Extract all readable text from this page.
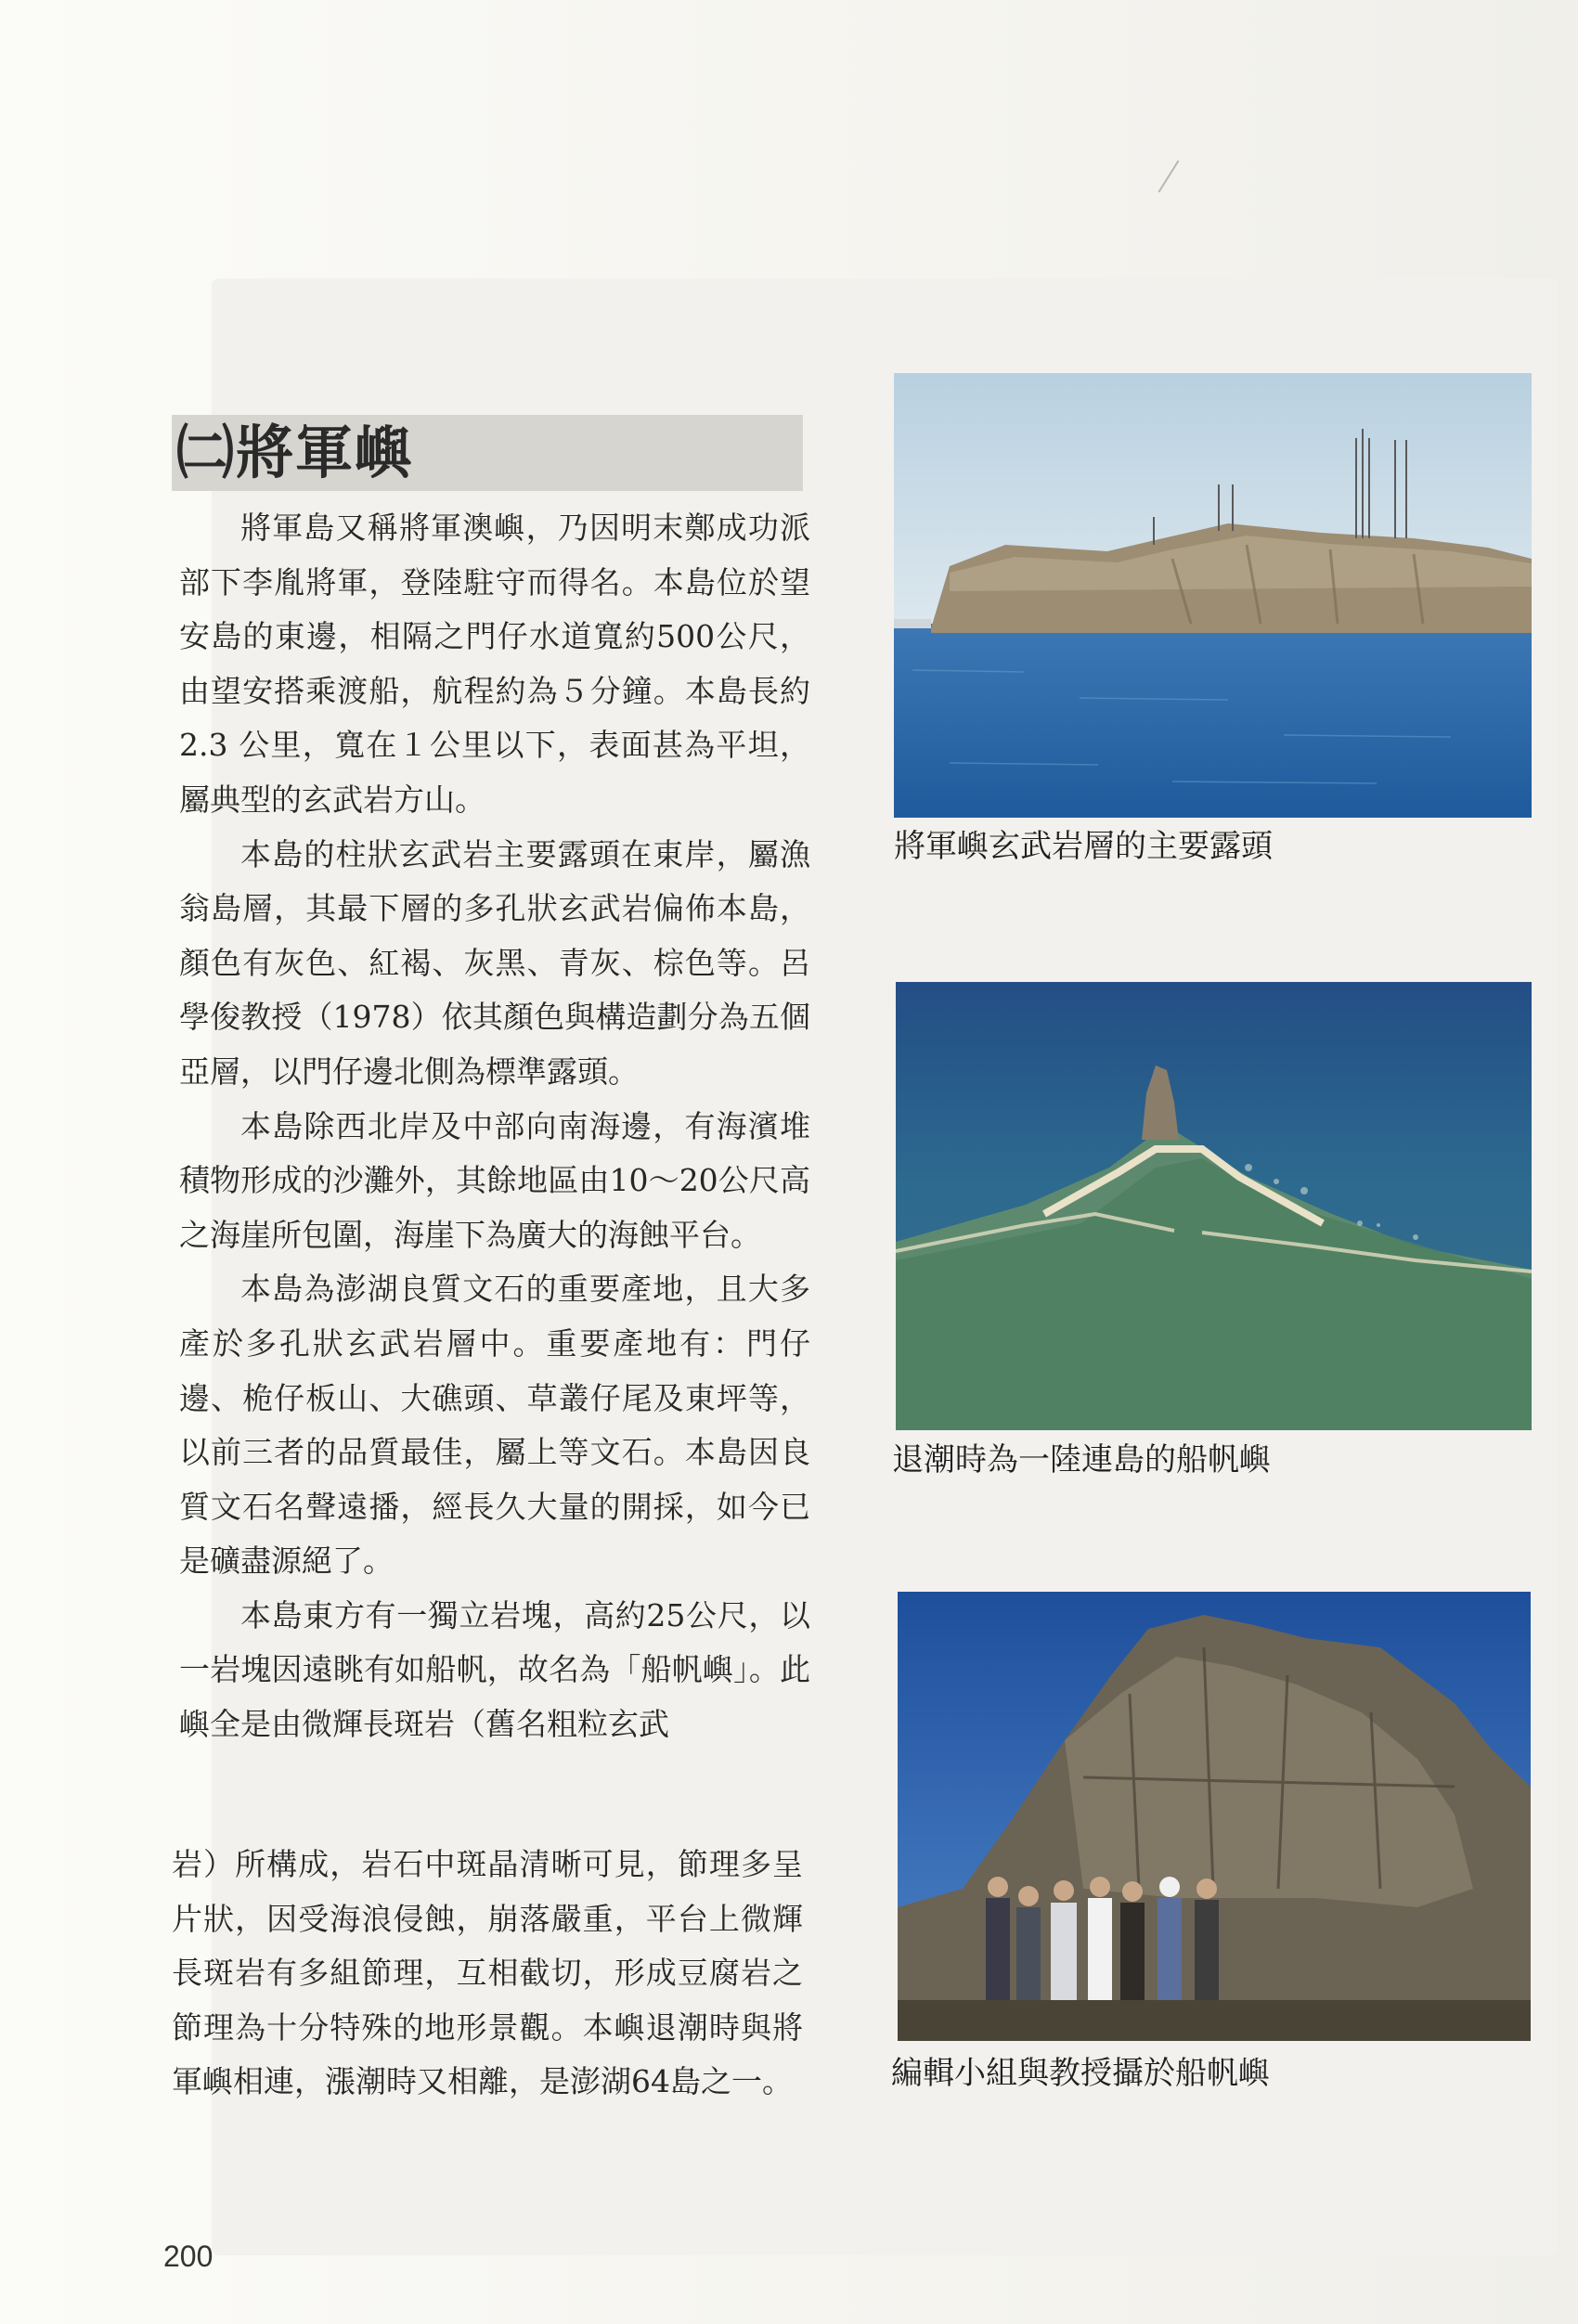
㈡將軍嶼

將軍島又稱將軍澳嶼，乃因明末鄭成功派部下李胤將軍，登陸駐守而得名。本島位於望安島的東邊，相隔之門仔水道寬約500公尺，由望安搭乘渡船，航程約為５分鐘。本島長約 2.3 公里，寬在１公里以下，表面甚為平坦，屬典型的玄武岩方山。

本島的柱狀玄武岩主要露頭在東岸，屬漁翁島層，其最下層的多孔狀玄武岩偏佈本島，顏色有灰色、紅褐、灰黑、青灰、棕色等。呂學俊教授（1978）依其顏色與構造劃分為五個亞層，以門仔邊北側為標準露頭。

本島除西北岸及中部向南海邊，有海濱堆積物形成的沙灘外，其餘地區由10～20公尺高之海崖所包圍，海崖下為廣大的海蝕平台。

本島為澎湖良質文石的重要產地，且大多產於多孔狀玄武岩層中。重要產地有：門仔邊、桅仔板山、大礁頭、草叢仔尾及東坪等，以前三者的品質最佳，屬上等文石。本島因良質文石名聲遠播，經長久大量的開採，如今已是礦盡源絕了。

本島東方有一獨立岩塊，高約25公尺，以一岩塊因遠眺有如船帆，故名為「船帆嶼」。此嶼全是由微輝長斑岩（舊名粗粒玄武

岩）所構成，岩石中斑晶清晰可見，節理多呈片狀，因受海浪侵蝕，崩落嚴重，平台上微輝長斑岩有多組節理，互相截切，形成豆腐岩之節理為十分特殊的地形景觀。本嶼退潮時與將軍嶼相連，漲潮時又相離，是澎湖64島之一。

將軍嶼玄武岩層的主要露頭
退潮時為一陸連島的船帆嶼
編輯小組與教授攝於船帆嶼
200
